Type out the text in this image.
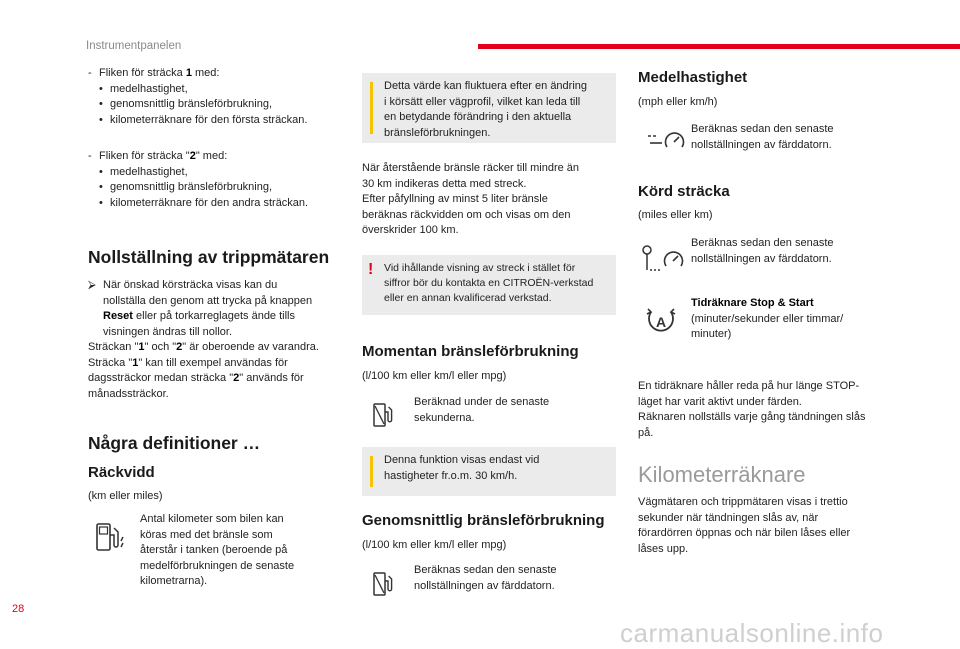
Instrumentpanelen
- Fliken för sträcka 1 med:
• medelhastighet,
• genomsnittlig bränsleförbrukning,
• kilometerräknare för den första sträckan.
- Fliken för sträcka "2" med:
• medelhastighet,
• genomsnittlig bränsleförbrukning,
• kilometerräknare för den andra sträckan.
Nollställning av trippmätaren
⮚ När önskad körsträcka visas kan du
nollställa den genom att trycka på knappen
Reset eller på torkarreglagets ände tills
visningen ändras till nollor.
Sträckan "1" och "2" är oberoende av varandra.
Sträcka "1" kan till exempel användas för
dagssträckor medan sträcka "2" används för
månadssträckor.
Några definitioner …
Räckvidd
(km eller miles)
Antal kilometer som bilen kan
köras med det bränsle som
återstår i tanken (beroende på
medelförbrukningen de senaste
kilometrarna).
28
Detta värde kan fluktuera efter en ändring
i körsätt eller vägprofil, vilket kan leda till
en betydande förändring i den aktuella
bränsleförbrukningen.
När återstående bränsle räcker till mindre än
30 km indikeras detta med streck.
Efter påfyllning av minst 5 liter bränsle
beräknas räckvidden om och visas om den
överskrider 100 km.
! Vid ihållande visning av streck i stället för
siffror bör du kontakta en CITROËN-verkstad
eller en annan kvalificerad verkstad.
Momentan bränsleförbrukning
(l/100 km eller km/l eller mpg)
Beräknad under de senaste
sekunderna.
Denna funktion visas endast vid
hastigheter fr.o.m. 30 km/h.
Genomsnittlig bränsleförbrukning
(l/100 km eller km/l eller mpg)
Beräknas sedan den senaste
nollställningen av färddatorn.
Medelhastighet
(mph eller km/h)
Beräknas sedan den senaste
nollställningen av färddatorn.
Körd sträcka
(miles eller km)
Beräknas sedan den senaste
nollställningen av färddatorn.
A
Tidräknare Stop & Start
(minuter/sekunder eller timmar/
minuter)
En tidräknare håller reda på hur länge STOP-
läget har varit aktivt under färden.
Räknaren nollställs varje gång tändningen slås
på.
Kilometerräknare
Vägmätaren och trippmätaren visas i trettio
sekunder när tändningen slås av, när
förardörren öppnas och när bilen låses eller
låses upp.
carmanualsonline.info
